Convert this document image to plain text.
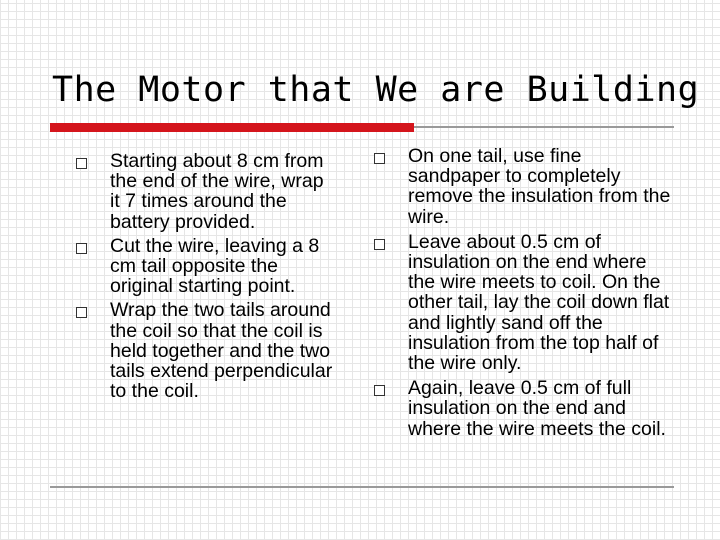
The Motor that We are Building
Starting about 8 cm from the end of the wire, wrap it 7 times around the battery provided.
Cut the wire, leaving a 8 cm tail opposite the original starting point.
Wrap the two tails around the coil so that the coil is held together and the two tails extend perpendicular to the coil.
On one tail, use fine sandpaper to completely remove the insulation from the wire.
Leave about 0.5 cm of insulation on the end where the wire meets to coil. On the other tail, lay the coil down flat and lightly sand off the insulation from the top half of the wire only.
Again, leave 0.5 cm of full insulation on the end and where the wire meets the coil.
